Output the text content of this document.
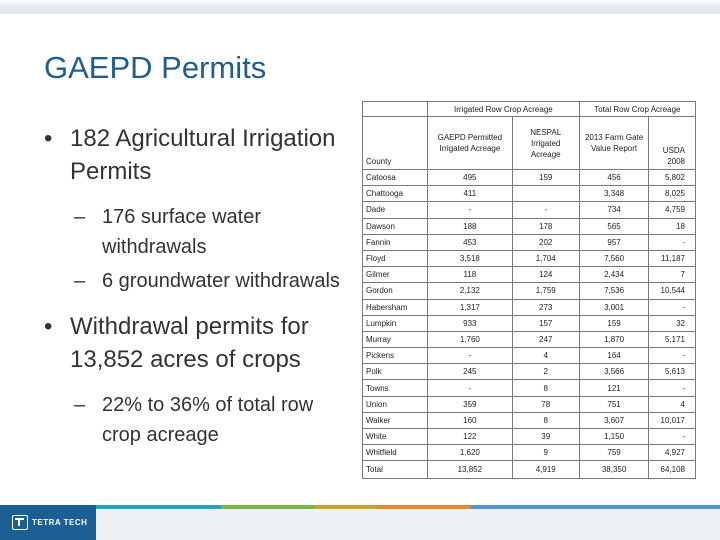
GAEPD Permits
• 182 Agricultural Irrigation Permits
– 176 surface water withdrawals
– 6 groundwater withdrawals
• Withdrawal permits for 13,852 acres of crops
– 22% to 36% of total row crop acreage
	Irrigated Row Crop Acreage		Total Row Crop Acreage	
County	GAEPD Permitted Irrigated Acreage	NESPAL Irrigated Acreage	2013 Farm Gate Value Report	USDA 2008
Catoosa	495	159	456	5,802
Chattooga	411		3,348	8,025
Dade	-	-	734	4,759
Dawson	188	178	565	18
Fannin	453	202	957	-
Floyd	3,518	1,704	7,560	11,187
Gilmer	118	124	2,434	7
Gordon	2,132	1,759	7,536	10,544
Habersham	1,317	273	3,001	-
Lumpkin	933	157	159	32
Murray	1,760	247	1,870	5,171
Pickens	-	4	164	-
Polk	245	2	3,566	5,613
Towns	-	8	121	-
Union	359	78	751	4
Walker	160	8	3,607	10,017
White	122	39	1,150	-
Whitfield	1,620	9	759	4,927
Total	13,852	4,919	38,350	64,108
TETRA TECH
